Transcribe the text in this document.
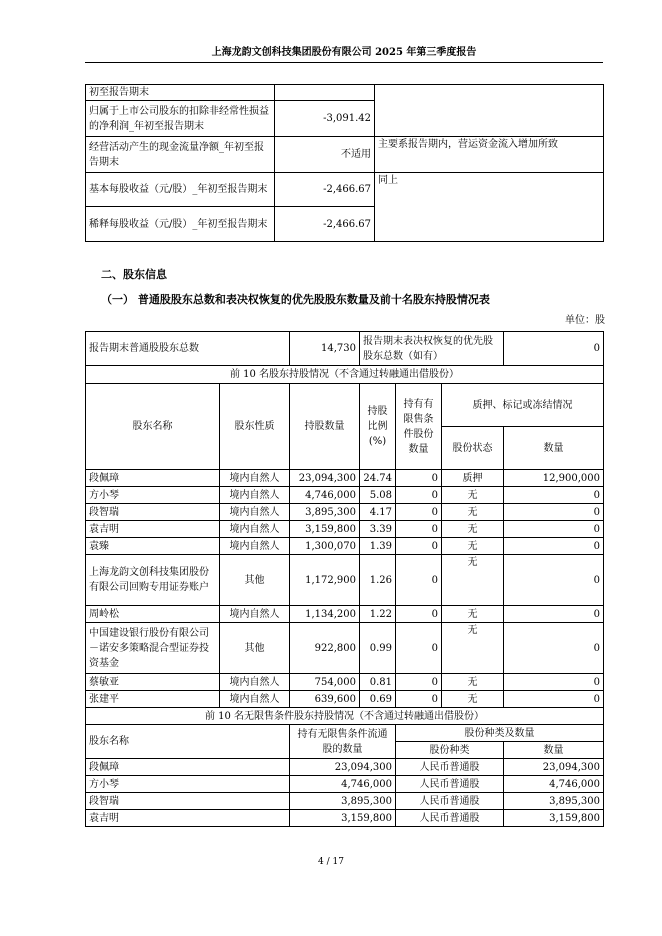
上海龙韵文创科技集团股份有限公司 2025 年第三季度报告
初至报告期末		
归属于上市公司股东的扣除非经常性损益的净利润_年初至报告期末	-3,091.42	
经营活动产生的现金流量净额_年初至报告期末	不适用	主要系报告期内，营运资金流入增加所致
基本每股收益（元/股）_年初至报告期末	-2,466.67	同上
稀释每股收益（元/股）_年初至报告期末	-2,466.67	
二、股东信息
（一） 普通股股东总数和表决权恢复的优先股股东数量及前十名股东持股情况表
单位：股
报告期末普通股股东总数		14,730	报告期末表决权恢复的优先股股东总数（如有）			0
前 10 名股东持股情况（不含通过转融通出借股份）						
股东名称	股东性质	持股数量	持股比例(%)	持有有限售条件股份数量	质押、标记或冻结情况	
					股份状态	数量
段佩璋	境内自然人	23,094,300	24.74	0	质押	12,900,000
方小琴	境内自然人	4,746,000	5.08	0	无	0
段智瑞	境内自然人	3,895,300	4.17	0	无	0
袁吉明	境内自然人	3,159,800	3.39	0	无	0
袁臻	境内自然人	1,300,070	1.39	0	无	0
上海龙韵文创科技集团股份有限公司回购专用证券账户	其他	1,172,900	1.26	0	无	0
周岭松	境内自然人	1,134,200	1.22	0	无	0
中国建设银行股份有限公司－诺安多策略混合型证券投资基金	其他	922,800	0.99	0	无	0
蔡敏亚	境内自然人	754,000	0.81	0	无	0
张建平	境内自然人	639,600	0.69	0	无	0
前 10 名无限售条件股东持股情况（不含通过转融通出借股份）						
股东名称		持有无限售条件流通股的数量		股份种类及数量		
				股份种类		数量
段佩璋		23,094,300		人民币普通股		23,094,300
方小琴		4,746,000		人民币普通股		4,746,000
段智瑞		3,895,300		人民币普通股		3,895,300
袁吉明		3,159,800		人民币普通股		3,159,800
4 / 17
